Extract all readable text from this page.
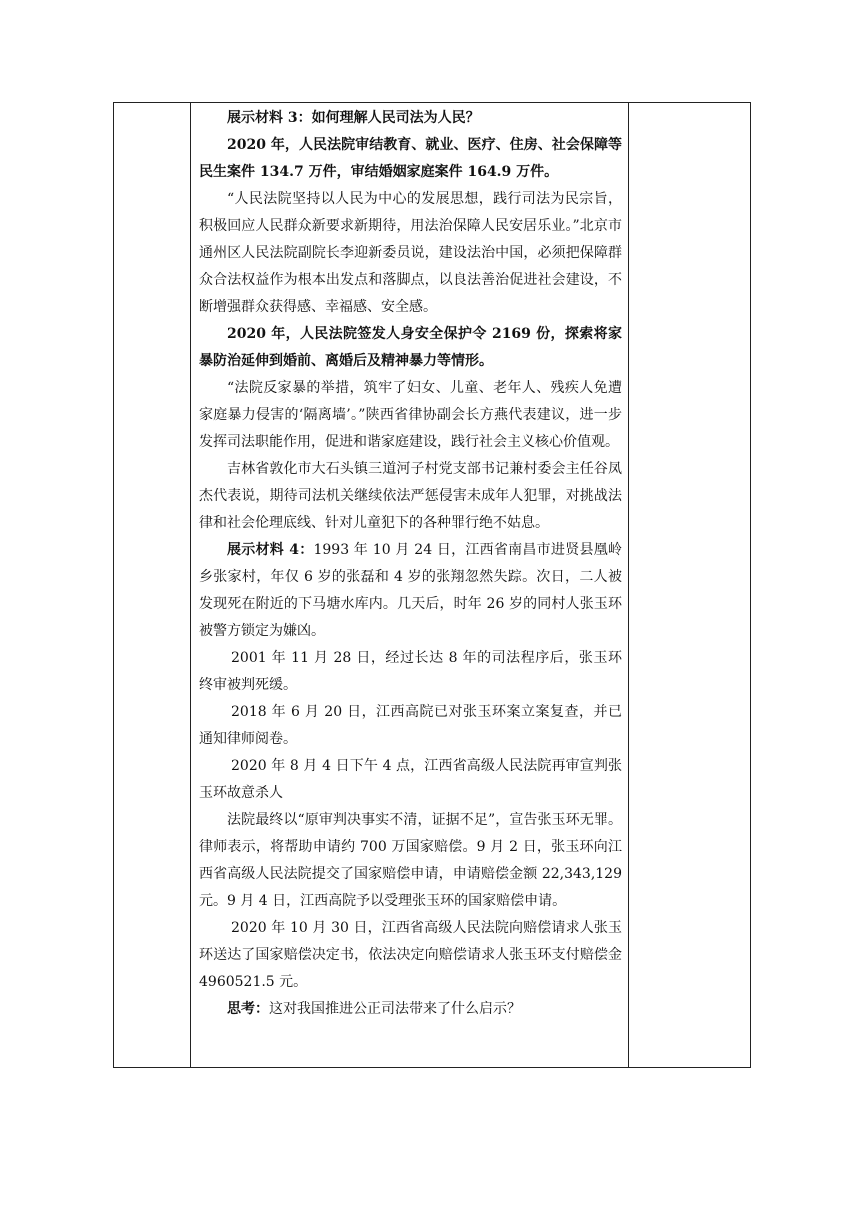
展示材料 3：如何理解人民司法为人民？

2020 年，人民法院审结教育、就业、医疗、住房、社会保障等民生案件 134.7 万件，审结婚姻家庭案件 164.9 万件。

“人民法院坚持以人民为中心的发展思想，践行司法为民宗旨，积极回应人民群众新要求新期待，用法治保障人民安居乐业。”北京市通州区人民法院副院长李迎新委员说，建设法治中国，必须把保障群众合法权益作为根本出发点和落脚点，以良法善治促进社会建设，不断增强群众获得感、幸福感、安全感。

2020 年，人民法院签发人身安全保护令 2169 份，探索将家暴防治延伸到婚前、离婚后及精神暴力等情形。

“法院反家暴的举措，筑牢了妇女、儿童、老年人、残疾人免遭家庭暴力侵害的‘隔离墙’。”陕西省律协副会长方燕代表建议，进一步发挥司法职能作用，促进和谐家庭建设，践行社会主义核心价值观。

吉林省敦化市大石头镇三道河子村党支部书记兼村委会主任谷凤杰代表说，期待司法机关继续依法严惩侵害未成年人犯罪，对挑战法律和社会伦理底线、针对儿童犯下的各种罪行绝不姑息。

展示材料 4：1993 年 10 月 24 日，江西省南昌市进贤县凰岭乡张家村，年仅 6 岁的张磊和 4 岁的张翔忽然失踪。次日，二人被发现死在附近的下马塘水库内。几天后，时年 26 岁的同村人张玉环被警方锁定为嫌凶。

2001 年 11 月 28 日，经过长达 8 年的司法程序后，张玉环终审被判死缓。

2018 年 6 月 20 日，江西高院已对张玉环案立案复查，并已通知律师阅卷。

2020 年 8 月 4 日下午 4 点，江西省高级人民法院再审宣判张玉环故意杀人

法院最终以“原审判决事实不清，证据不足”，宣告张玉环无罪。律师表示，将帮助申请约 700 万国家赔偿。9 月 2 日，张玉环向江西省高级人民法院提交了国家赔偿申请，申请赔偿金额 22,343,129 元。9 月 4 日，江西高院予以受理张玉环的国家赔偿申请。

2020 年 10 月 30 日，江西省高级人民法院向赔偿请求人张玉环送达了国家赔偿决定书，依法决定向赔偿请求人张玉环支付赔偿金 4960521.5 元。

思考：这对我国推进公正司法带来了什么启示？
